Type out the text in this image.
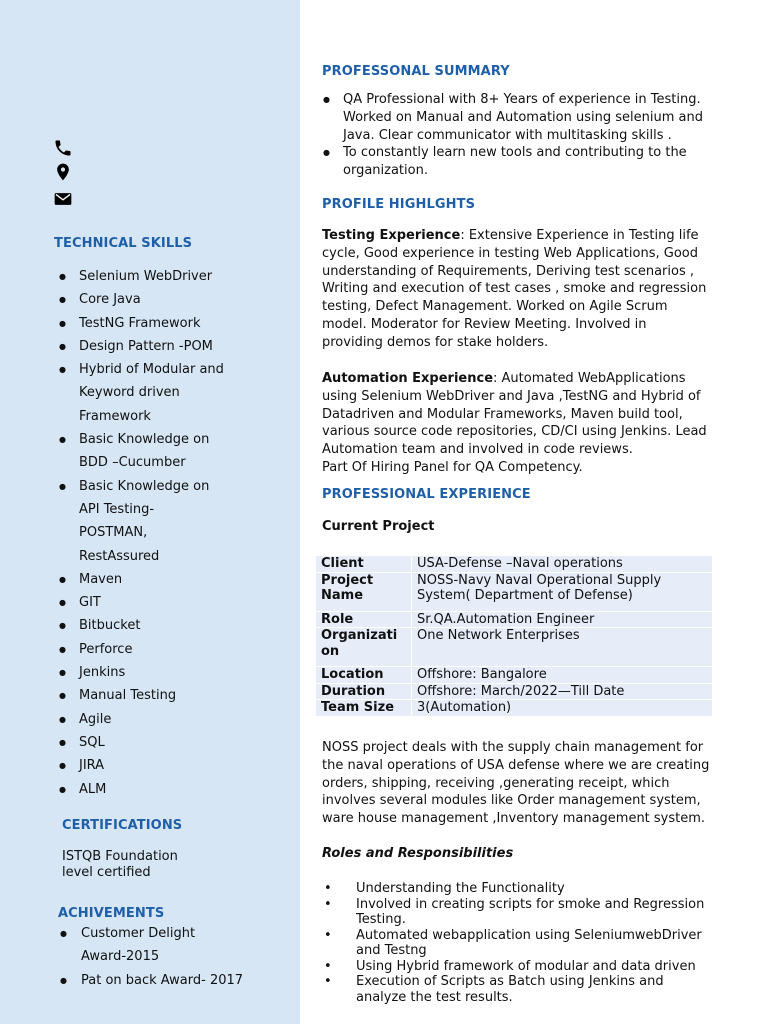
TECHNICAL SKILLS
● Selenium WebDriver
● Core Java
● TestNG Framework
● Design Pattern -POM
● Hybrid of Modular and Keyword driven Framework
● Basic Knowledge on BDD –Cucumber
● Basic Knowledge on API Testing- POSTMAN, RestAssured
● Maven
● GIT
● Bitbucket
● Perforce
● Jenkins
● Manual Testing
● Agile
● SQL
● JIRA
● ALM
CERTIFICATIONS
ISTQB Foundation
level certified
ACHIVEMENTS
● Customer Delight Award-2015
● Pat on back Award- 2017
PROFESSONAL SUMMARY
● QA Professional with 8+ Years of experience in Testing. Worked on Manual and Automation using selenium and Java. Clear communicator with multitasking skills .
● To constantly learn new tools and contributing to the organization.
PROFILE HIGHLGHTS
Testing Experience: Extensive Experience in Testing life cycle, Good experience in testing Web Applications, Good understanding of Requirements, Deriving test scenarios , Writing and execution of test cases , smoke and regression testing, Defect Management. Worked on Agile Scrum model. Moderator for Review Meeting. Involved in providing demos for stake holders.
Automation Experience: Automated WebApplications using Selenium WebDriver and Java ,TestNG and Hybrid of Datadriven and Modular Frameworks, Maven build tool, various source code repositories, CD/CI using Jenkins. Lead Automation team and involved in code reviews.
Part Of Hiring Panel for QA Competency.
PROFESSIONAL EXPERIENCE
Current Project
Client	USA-Defense –Naval operations
Project Name	NOSS-Navy Naval Operational Supply System( Department of Defense)
Role	Sr.QA.Automation Engineer
Organization	One Network Enterprises
Location	Offshore: Bangalore
Duration	Offshore: March/2022—Till Date
Team Size	3(Automation)
NOSS project deals with the supply chain management for the naval operations of USA defense where we are creating orders, shipping, receiving ,generating receipt, which involves several modules like Order management system, ware house management ,Inventory management system.
Roles and Responsibilities
• Understanding the Functionality
• Involved in creating scripts for smoke and Regression Testing.
• Automated webapplication using SeleniumwebDriver and Testng
• Using Hybrid framework of modular and data driven
• Execution of Scripts as Batch using Jenkins and analyze the test results.
